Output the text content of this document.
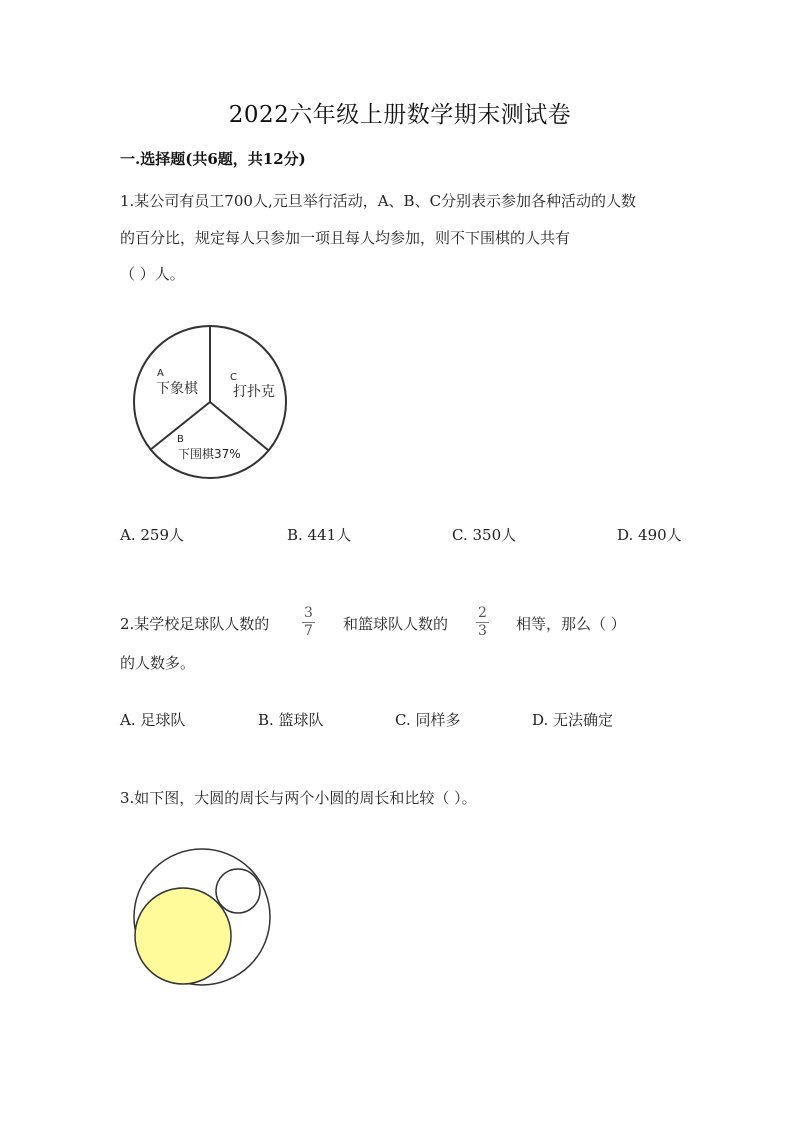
2022六年级上册数学期末测试卷
一.选择题(共6题，共12分)
1.某公司有员工700人,元旦举行活动，A、B、C分别表示参加各种活动的人数
的百分比，规定每人只参加一项且每人均参加，则不下围棋的人共有
（ ）人。
A
下象棋
C
打扑克
B
下围棋37%
A. 259人	B. 441人	C. 350人	D. 490人
2.某学校足球队人数的 $\frac{3}{7}$ 和篮球队人数的 $\frac{2}{3}$ 相等，那么（ ）
的人数多。
A. 足球队	B. 篮球队	C. 同样多	D. 无法确定
3.如下图，大圆的周长与两个小圆的周长和比较（ ）。
